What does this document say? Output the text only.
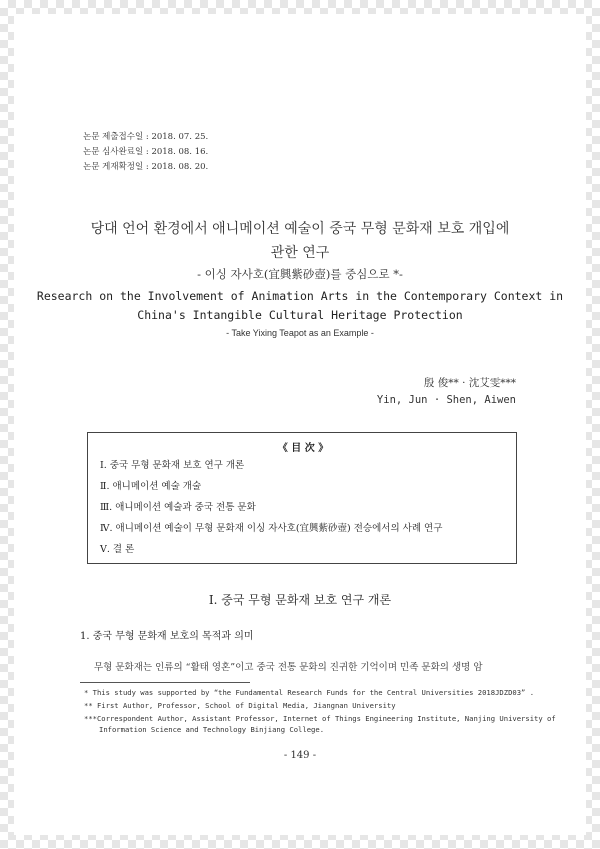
논문 제출접수일 : 2018. 07. 25.
논문 심사완료일 : 2018. 08. 16.
논문 게재확정일 : 2018. 08. 20.
당대 언어 환경에서 애니메이션 예술이 중국 무형 문화재 보호 개입에
관한 연구
- 이싱 자사호(宜興紫砂壺)를 중심으로 *-
Research on the Involvement of Animation Arts in the Contemporary Context in
China's Intangible Cultural Heritage Protection
- Take Yixing Teapot as an Example -
殷 俊** · 沈艾雯***
Yin, Jun · Shen, Aiwen
《 目 次 》
Ⅰ. 중국 무형 문화재 보호 연구 개론
Ⅱ. 애니메이션 예술 개술
Ⅲ. 애니메이션 예술과 중국 전통 문화
Ⅳ. 애니메이션 예술이 무형 문화재 이싱 자사호(宜興紫砂壺) 전승에서의 사례 연구
Ⅴ. 결 론
Ⅰ. 중국 무형 문화재 보호 연구 개론
1. 중국 무형 문화재 보호의 목적과 의미
무형 문화재는 인류의 “활태 영혼”이고 중국 전통 문화의 진귀한 기억이며 민족 문화의 생명 암
* This study was supported by “the Fundamental Research Funds for the Central Universities 2018JDZD03” .
** First Author, Professor, School of Digital Media, Jiangnan University
***Correspondent Author, Assistant Professor, Internet of Things Engineering Institute, Nanjing University of
Information Science and Technology Binjiang College.
- 149 -
